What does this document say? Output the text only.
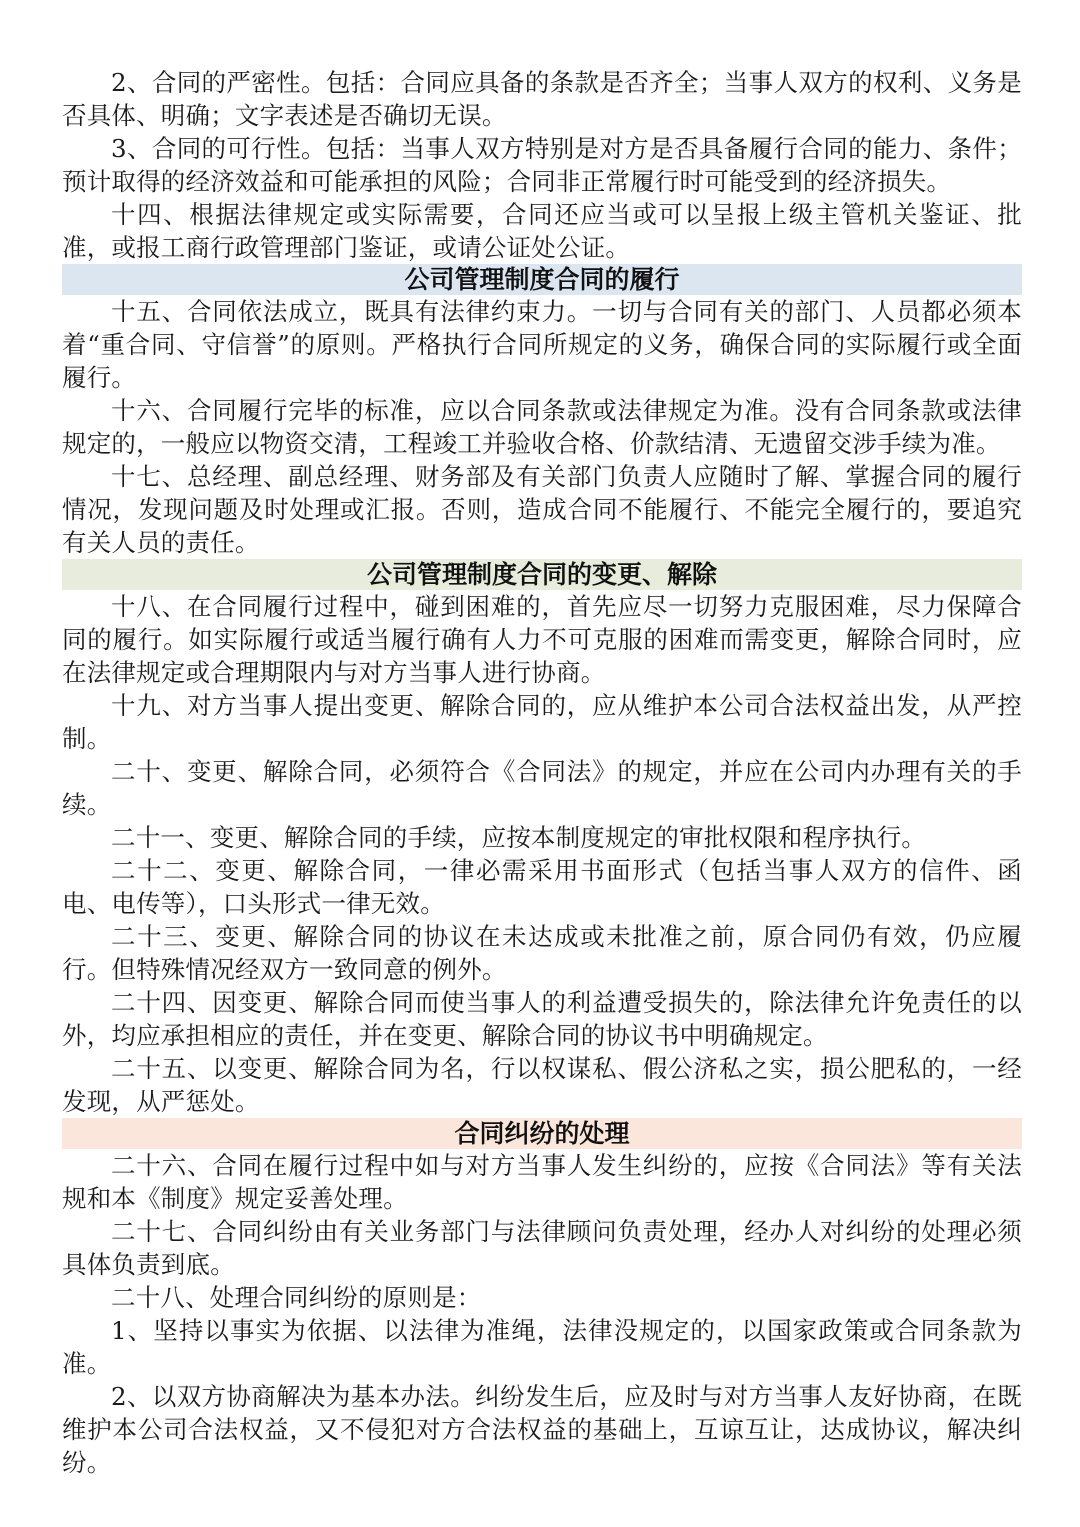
2、合同的严密性。包括：合同应具备的条款是否齐全；当事人双方的权利、义务是否具体、明确；文字表述是否确切无误。

3、合同的可行性。包括：当事人双方特别是对方是否具备履行合同的能力、条件；预计取得的经济效益和可能承担的风险；合同非正常履行时可能受到的经济损失。

十四、根据法律规定或实际需要，合同还应当或可以呈报上级主管机关鉴证、批准，或报工商行政管理部门鉴证，或请公证处公证。

公司管理制度合同的履行

十五、合同依法成立，既具有法律约束力。一切与合同有关的部门、人员都必须本着“重合同、守信誉”的原则。严格执行合同所规定的义务，确保合同的实际履行或全面履行。

十六、合同履行完毕的标准，应以合同条款或法律规定为准。没有合同条款或法律规定的，一般应以物资交清，工程竣工并验收合格、价款结清、无遗留交涉手续为准。

十七、总经理、副总经理、财务部及有关部门负责人应随时了解、掌握合同的履行情况，发现问题及时处理或汇报。否则，造成合同不能履行、不能完全履行的，要追究有关人员的责任。

公司管理制度合同的变更、解除

十八、在合同履行过程中，碰到困难的，首先应尽一切努力克服困难，尽力保障合同的履行。如实际履行或适当履行确有人力不可克服的困难而需变更，解除合同时，应在法律规定或合理期限内与对方当事人进行协商。

十九、对方当事人提出变更、解除合同的，应从维护本公司合法权益出发，从严控制。

二十、变更、解除合同，必须符合《合同法》的规定，并应在公司内办理有关的手续。

二十一、变更、解除合同的手续，应按本制度规定的审批权限和程序执行。

二十二、变更、解除合同，一律必需采用书面形式（包括当事人双方的信件、函电、电传等），口头形式一律无效。

二十三、变更、解除合同的协议在未达成或未批准之前，原合同仍有效，仍应履行。但特殊情况经双方一致同意的例外。

二十四、因变更、解除合同而使当事人的利益遭受损失的，除法律允许免责任的以外，均应承担相应的责任，并在变更、解除合同的协议书中明确规定。

二十五、以变更、解除合同为名，行以权谋私、假公济私之实，损公肥私的，一经发现，从严惩处。

合同纠纷的处理

二十六、合同在履行过程中如与对方当事人发生纠纷的，应按《合同法》等有关法规和本《制度》规定妥善处理。

二十七、合同纠纷由有关业务部门与法律顾问负责处理，经办人对纠纷的处理必须具体负责到底。

二十八、处理合同纠纷的原则是：

1、坚持以事实为依据、以法律为准绳，法律没规定的，以国家政策或合同条款为准。

2、以双方协商解决为基本办法。纠纷发生后，应及时与对方当事人友好协商，在既维护本公司合法权益，又不侵犯对方合法权益的基础上，互谅互让，达成协议，解决纠纷。
